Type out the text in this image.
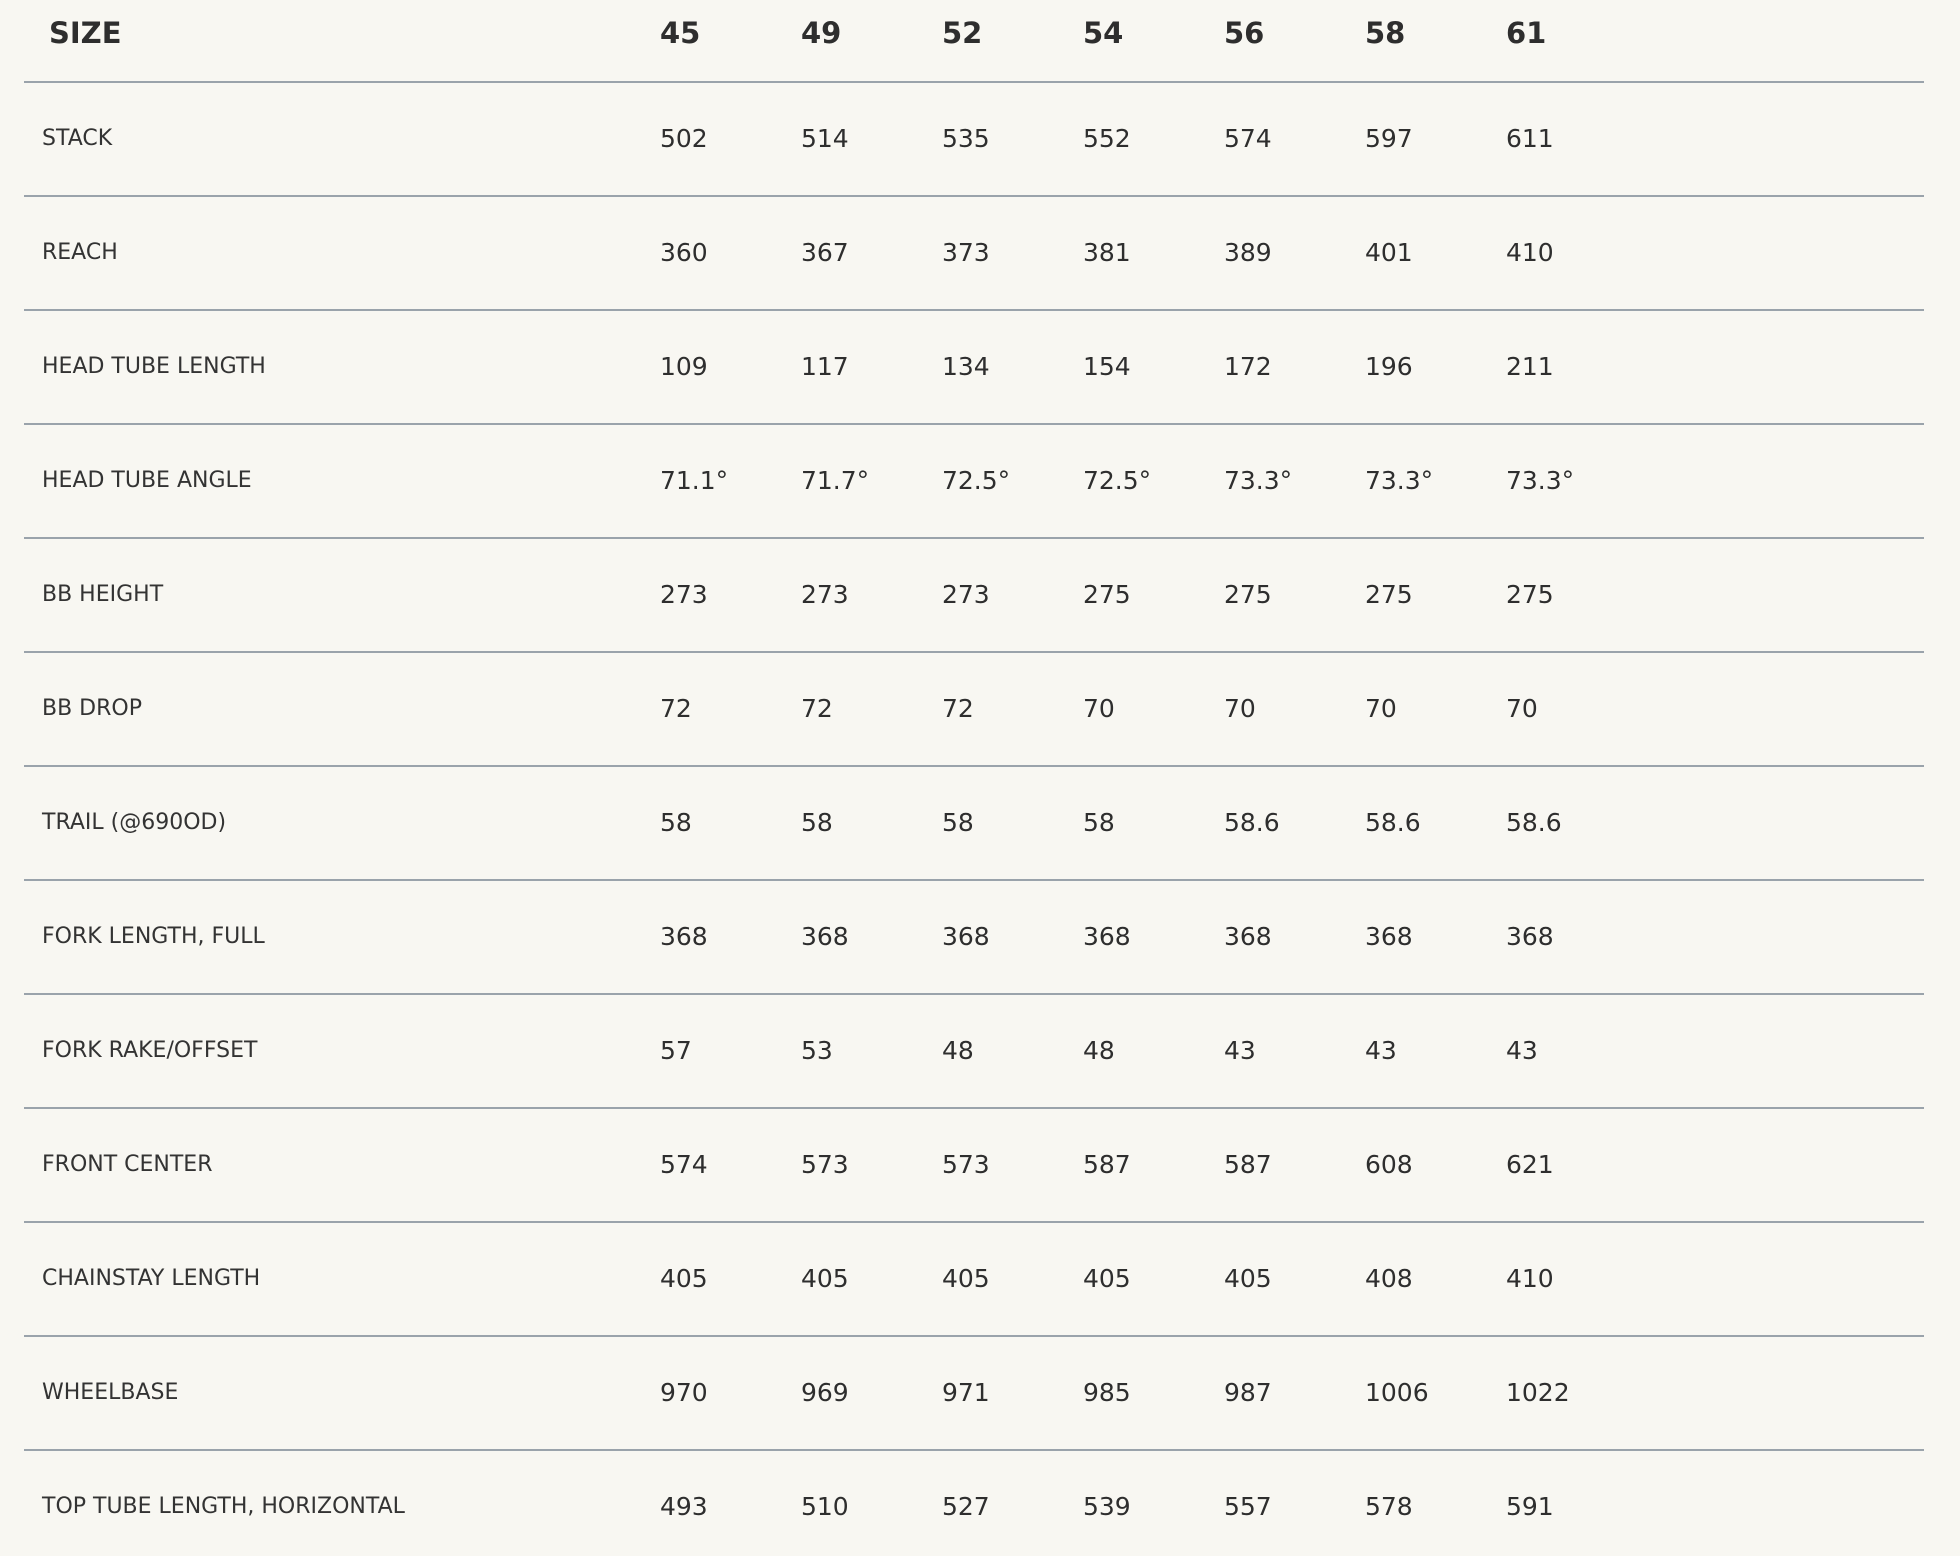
SIZE	45	49	52	54	56	58	61
STACK	502	514	535	552	574	597	611
REACH	360	367	373	381	389	401	410
HEAD TUBE LENGTH	109	117	134	154	172	196	211
HEAD TUBE ANGLE	71.1°	71.7°	72.5°	72.5°	73.3°	73.3°	73.3°
BB HEIGHT	273	273	273	275	275	275	275
BB DROP	72	72	72	70	70	70	70
TRAIL (@690OD)	58	58	58	58	58.6	58.6	58.6
FORK LENGTH, FULL	368	368	368	368	368	368	368
FORK RAKE/OFFSET	57	53	48	48	43	43	43
FRONT CENTER	574	573	573	587	587	608	621
CHAINSTAY LENGTH	405	405	405	405	405	408	410
WHEELBASE	970	969	971	985	987	1006	1022
TOP TUBE LENGTH, HORIZONTAL	493	510	527	539	557	578	591
